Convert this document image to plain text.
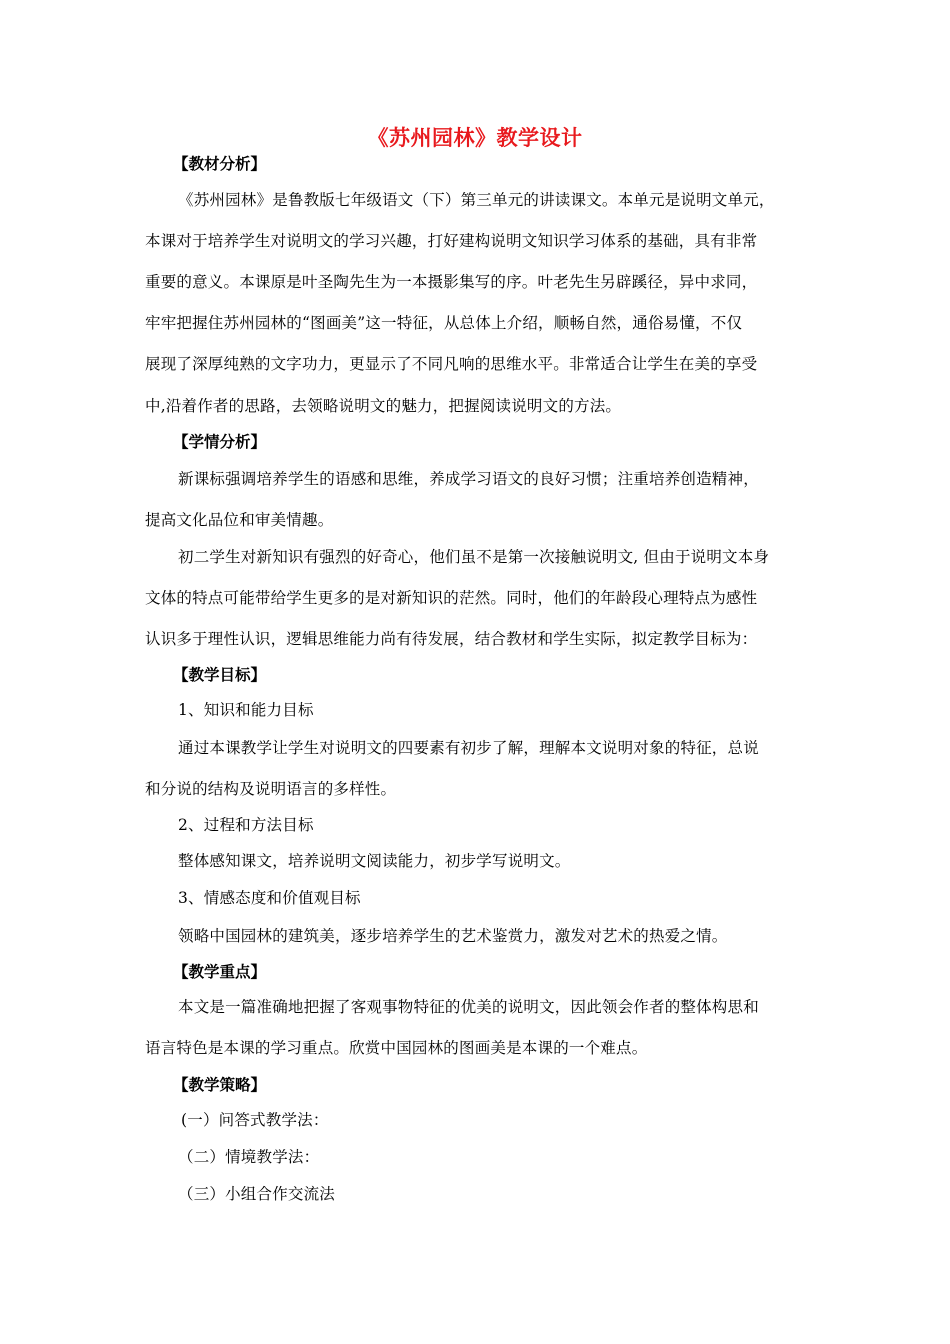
《苏州园林》教学设计
【教材分析】
《苏州园林》是鲁教版七年级语文（下）第三单元的讲读课文。本单元是说明文单元，
本课对于培养学生对说明文的学习兴趣，打好建构说明文知识学习体系的基础，具有非常
重要的意义。本课原是叶圣陶先生为一本摄影集写的序。叶老先生另辟蹊径，异中求同，
牢牢把握住苏州园林的“图画美”这一特征，从总体上介绍，顺畅自然，通俗易懂，不仅
展现了深厚纯熟的文字功力，更显示了不同凡响的思维水平。非常适合让学生在美的享受
中,沿着作者的思路，去领略说明文的魅力，把握阅读说明文的方法。
【学情分析】
新课标强调培养学生的语感和思维，养成学习语文的良好习惯；注重培养创造精神，
提高文化品位和审美情趣。
初二学生对新知识有强烈的好奇心，他们虽不是第一次接触说明文, 但由于说明文本身
文体的特点可能带给学生更多的是对新知识的茫然。同时，他们的年龄段心理特点为感性
认识多于理性认识，逻辑思维能力尚有待发展，结合教材和学生实际，拟定教学目标为：
【教学目标】
1、知识和能力目标
通过本课教学让学生对说明文的四要素有初步了解，理解本文说明对象的特征，总说
和分说的结构及说明语言的多样性。
2、过程和方法目标
整体感知课文，培养说明文阅读能力，初步学写说明文。
3、情感态度和价值观目标
领略中国园林的建筑美，逐步培养学生的艺术鉴赏力，激发对艺术的热爱之情。
【教学重点】
本文是一篇准确地把握了客观事物特征的优美的说明文，因此领会作者的整体构思和
语言特色是本课的学习重点。欣赏中国园林的图画美是本课的一个难点。
【教学策略】
(一）问答式教学法：
（二）情境教学法：
（三）小组合作交流法
